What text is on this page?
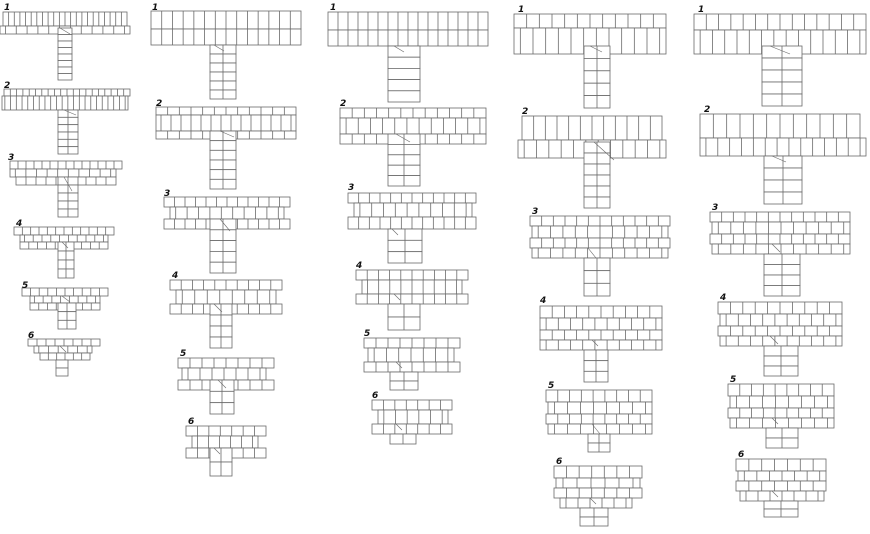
1
2
3
4
5
6
1
2
3
4
5
6
1
2
3
4
5
6
1
2
3
4
5
6
1
2
3
4
5
6
